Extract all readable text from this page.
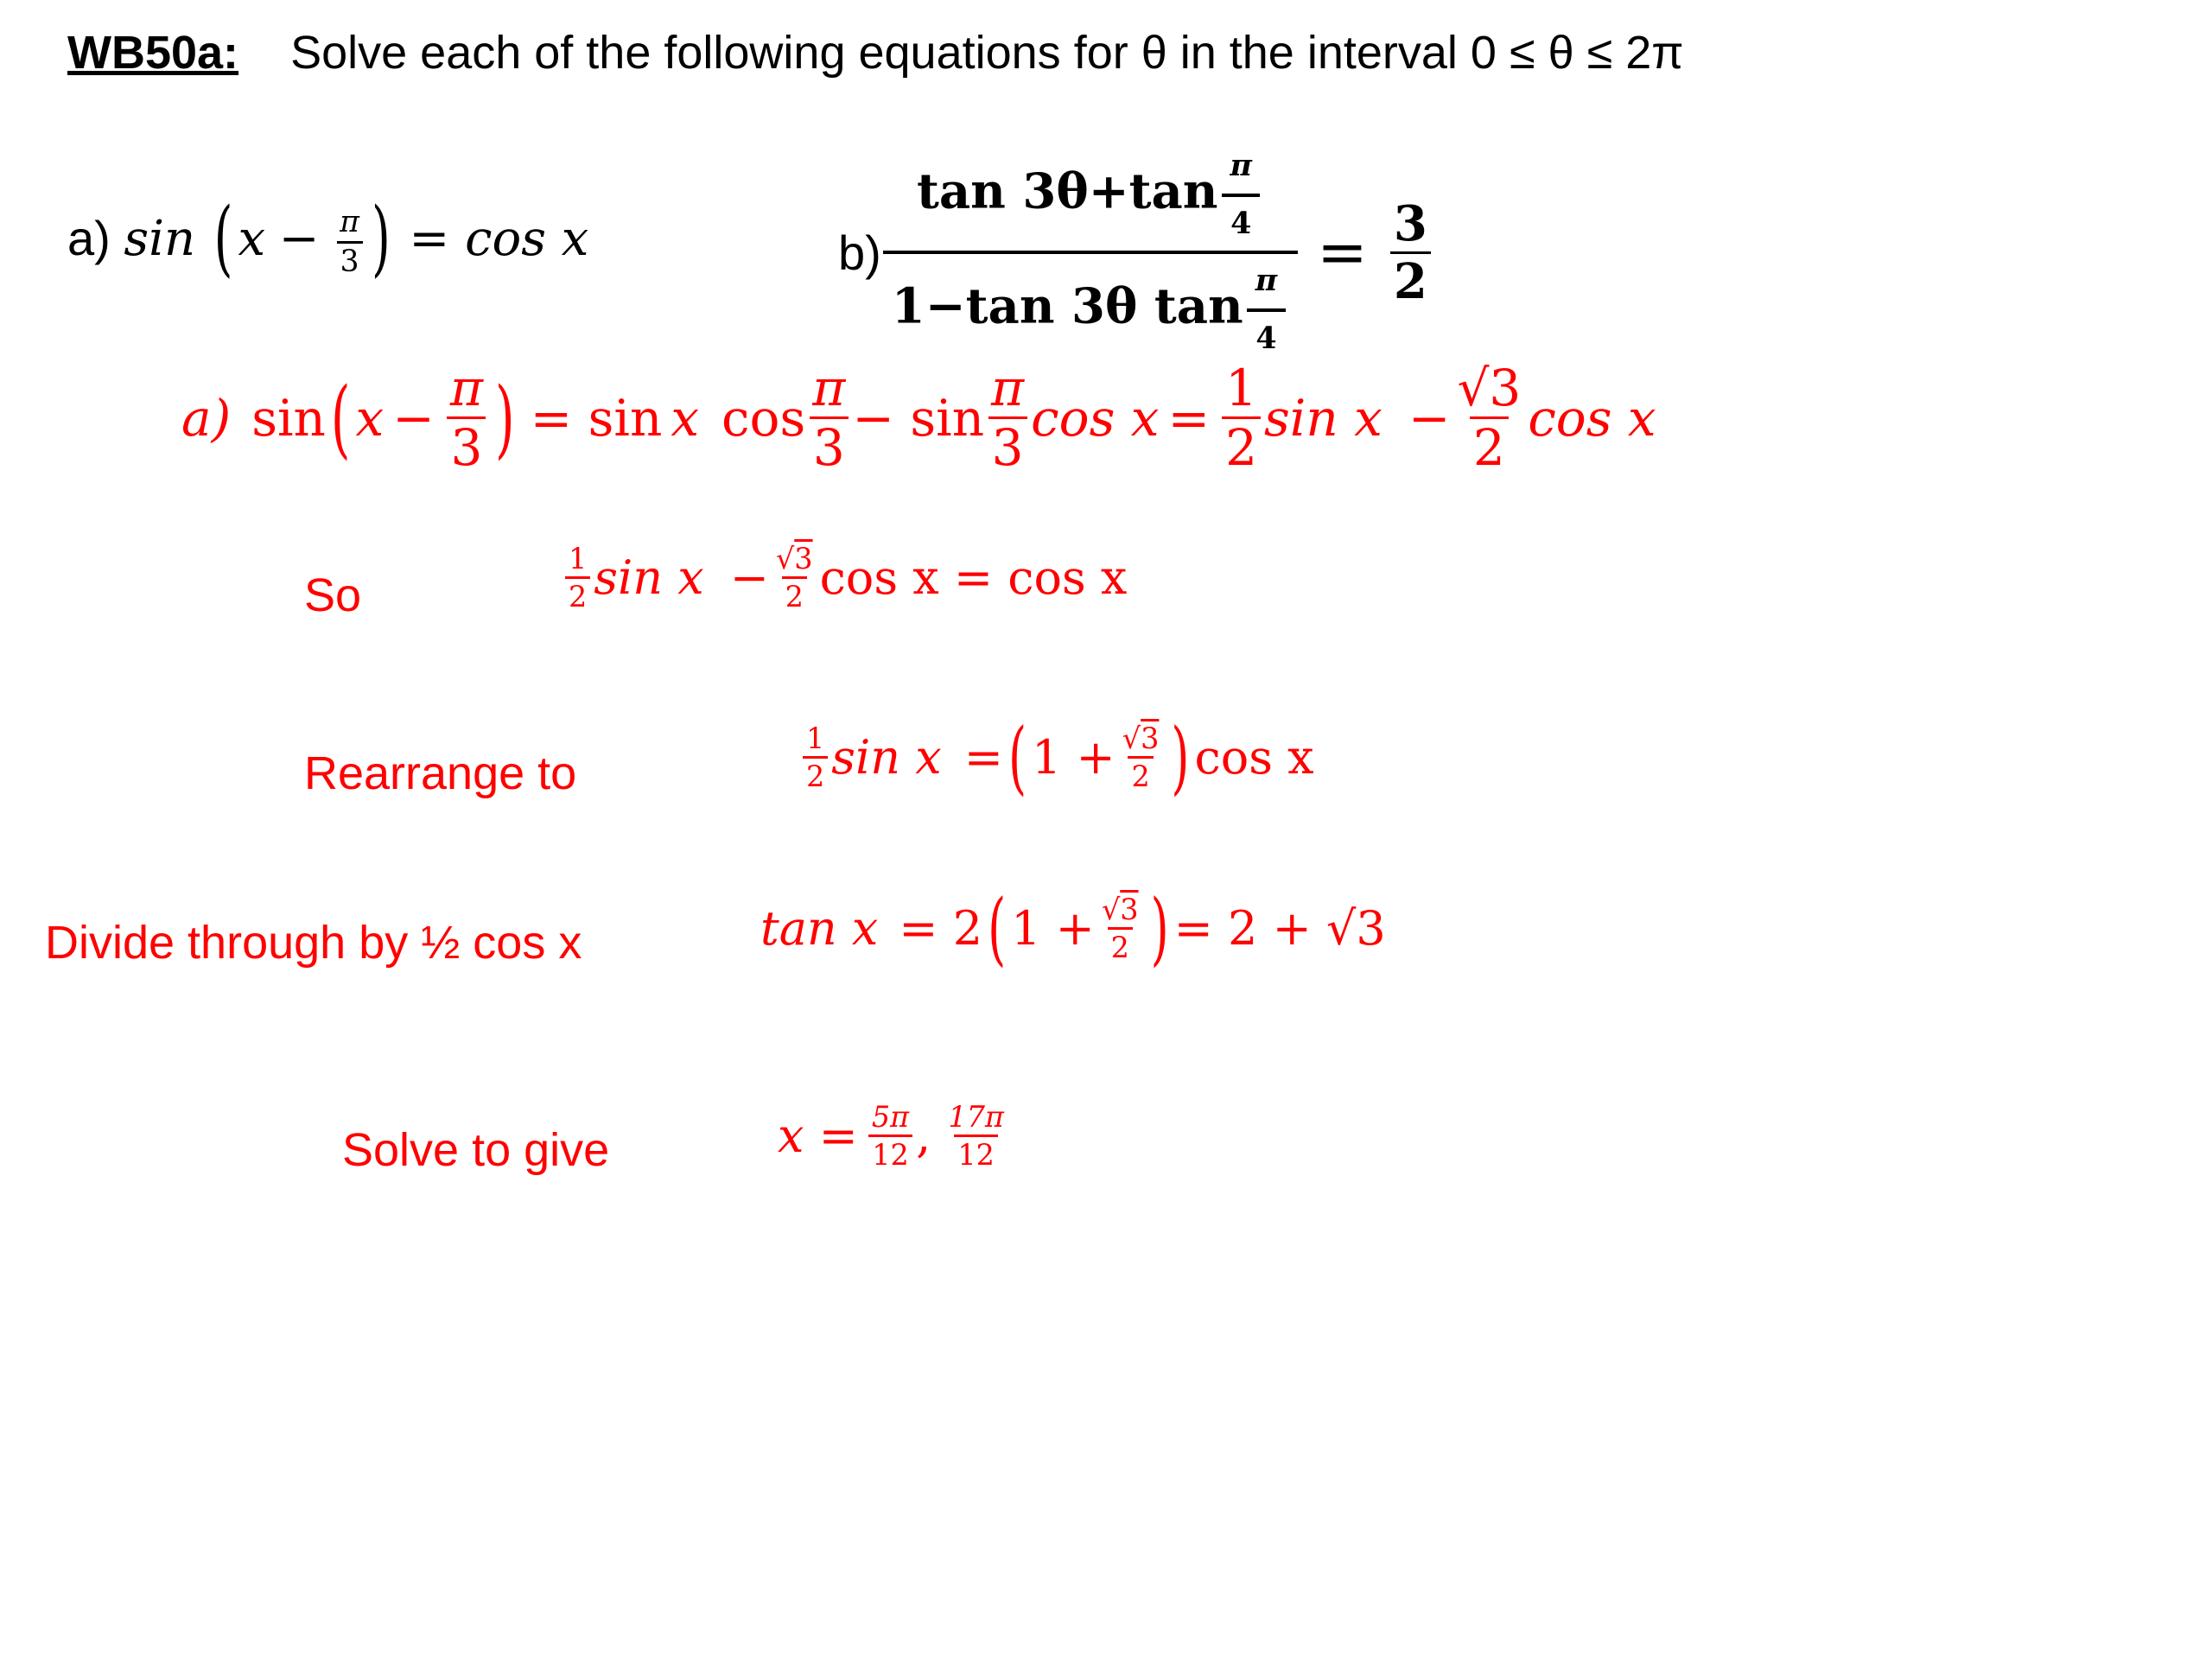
WB50a: Solve each of the following equations for θ in the interval 0 ≤ θ ≤ 2π
a) sin ( $x - \frac{\pi}{3}$ ) = cos x	$b) \frac{\tan 3\theta+\tan \frac{\pi}{4}}{1-\tan 3\theta \tan \frac{\pi}{4}} = \frac{3}{2}$
a) sin ( $x - \frac{\pi}{3}$ ) = sin x $\cos \frac{\pi}{3} - \sin \frac{\pi}{3}$ $\cos x = \frac{1}{2}$ $\sin x - \frac{√3}{2}$ cos x
So	$\frac{1}{2}$ $\sin x - \frac{√3}{2}$ cos x = cos x
Rearrange to	$\frac{1}{2}$ sin x = ( $1 + \frac{√3}{2}$ ) cos x
Divide through by ½ cos x	tan x = 2 ( $1 + \frac{√3}{2}$ ) = 2 + √3
Solve to give	$x = \frac{5\pi}{12}$ , $\frac{17\pi}{12}$
